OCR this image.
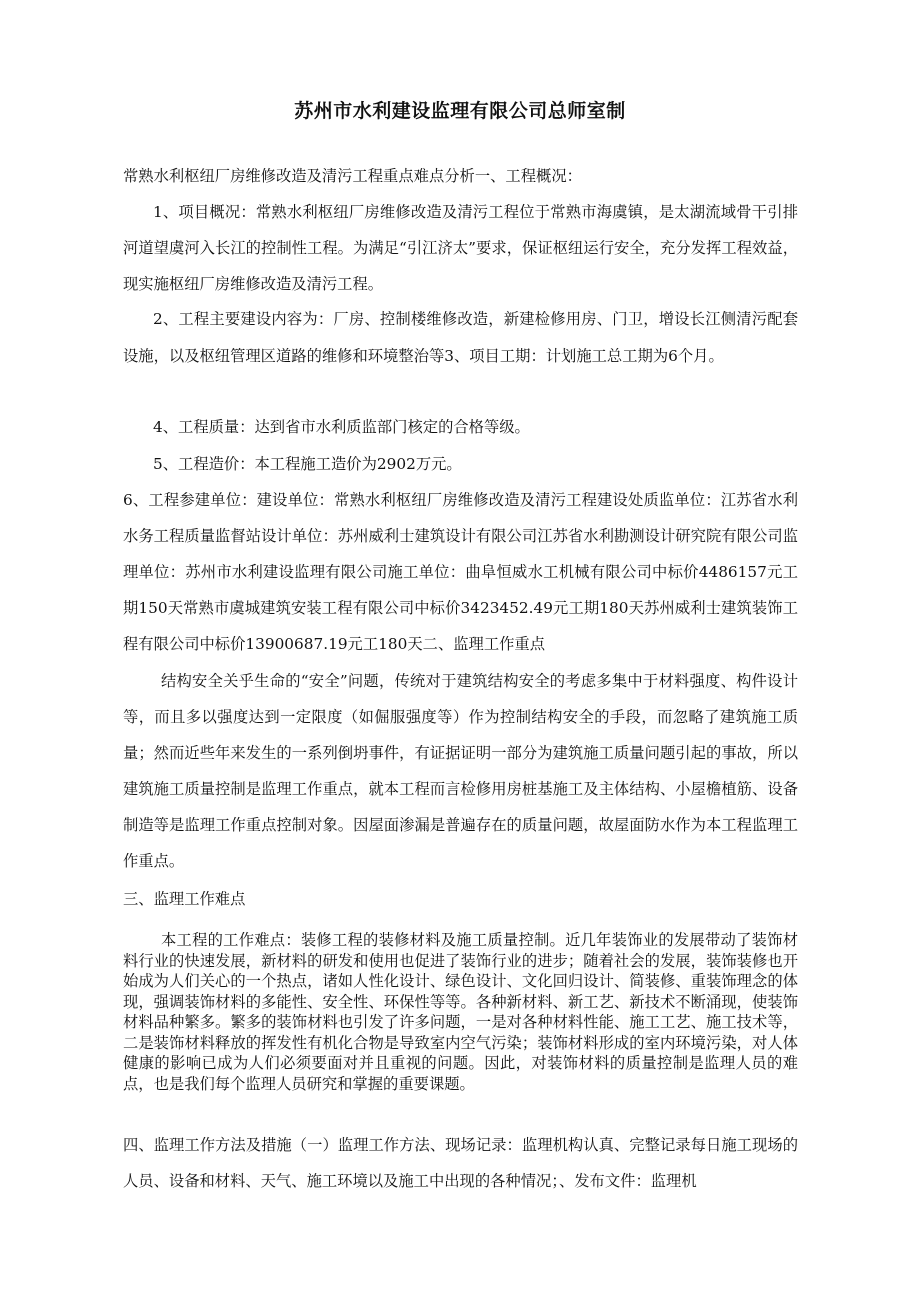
苏州市水利建设监理有限公司总师室制

常熟水利枢纽厂房维修改造及清污工程重点难点分析一、工程概况：

1、项目概况：常熟水利枢纽厂房维修改造及清污工程位于常熟市海虞镇，是太湖流域骨干引排河道望虞河入长江的控制性工程。为满足“引江济太”要求，保证枢纽运行安全，充分发挥工程效益，现实施枢纽厂房维修改造及清污工程。

2、工程主要建设内容为：厂房、控制楼维修改造，新建检修用房、门卫，增设长江侧清污配套设施，以及枢纽管理区道路的维修和环境整治等3、项目工期：计划施工总工期为6个月。

4、工程质量：达到省市水利质监部门核定的合格等级。

5、工程造价：本工程施工造价为2902万元。

6、工程参建单位：建设单位：常熟水利枢纽厂房维修改造及清污工程建设处质监单位：江苏省水利水务工程质量监督站设计单位：苏州威利士建筑设计有限公司江苏省水利勘测设计研究院有限公司监理单位：苏州市水利建设监理有限公司施工单位：曲阜恒威水工机械有限公司中标价4486157元工期150天常熟市虞城建筑安装工程有限公司中标价3423452.49元工期180天苏州威利士建筑装饰工程有限公司中标价13900687.19元工180天二、监理工作重点

结构安全关乎生命的“安全”问题，传统对于建筑结构安全的考虑多集中于材料强度、构件设计等，而且多以强度达到一定限度（如倔服强度等）作为控制结构安全的手段，而忽略了建筑施工质量；然而近些年来发生的一系列倒坍事件，有证据证明一部分为建筑施工质量问题引起的事故，所以建筑施工质量控制是监理工作重点，就本工程而言检修用房桩基施工及主体结构、小屋檐植筋、设备制造等是监理工作重点控制对象。因屋面渗漏是普遍存在的质量问题，故屋面防水作为本工程监理工作重点。

三、监理工作难点

本工程的工作难点：装修工程的装修材料及施工质量控制。近几年装饰业的发展带动了装饰材料行业的快速发展，新材料的研发和使用也促进了装饰行业的进步；随着社会的发展，装饰装修也开始成为人们关心的一个热点，诸如人性化设计、绿色设计、文化回归设计、简装修、重装饰理念的体现，强调装饰材料的多能性、安全性、环保性等等。各种新材料、新工艺、新技术不断涌现，使装饰材料品种繁多。繁多的装饰材料也引发了许多问题，一是对各种材料性能、施工工艺、施工技术等，二是装饰材料释放的挥发性有机化合物是导致室内空气污染；装饰材料形成的室内环境污染，对人体健康的影响已成为人们必须要面对并且重视的问题。因此，对装饰材料的质量控制是监理人员的难点，也是我们每个监理人员研究和掌握的重要课题。

四、监理工作方法及措施（一）监理工作方法、现场记录：监理机构认真、完整记录每日施工现场的人员、设备和材料、天气、施工环境以及施工中出现的各种情况；、发布文件：监理机
